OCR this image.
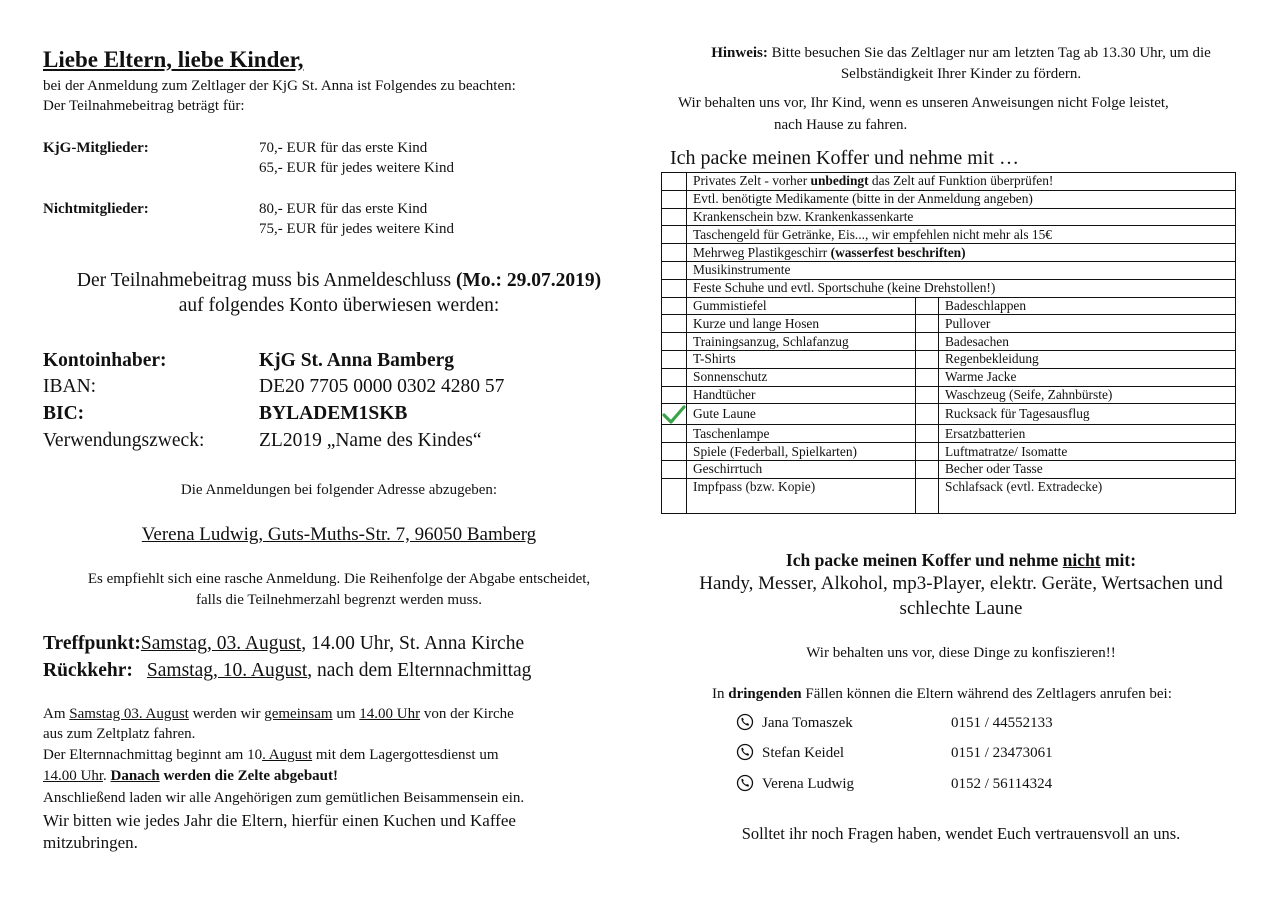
Liebe Eltern, liebe Kinder,
bei der Anmeldung zum Zeltlager der KjG St. Anna ist Folgendes zu beachten:
Der Teilnahmebeitrag beträgt für:
KjG-Mitglieder:	70,- EUR für das erste Kind
65,- EUR für jedes weitere Kind
Nichtmitglieder:	80,- EUR für das erste Kind
75,- EUR für jedes weitere Kind
Der Teilnahmebeitrag muss bis Anmeldeschluss (Mo.: 29.07.2019)
auf folgendes Konto überwiesen werden:
Kontoinhaber:	KjG St. Anna Bamberg
IBAN:	DE20 7705 0000 0302 4280 57
BIC:	BYLADEM1SKB
Verwendungszweck:	ZL2019 „Name des Kindes“
Die Anmeldungen bei folgender Adresse abzugeben:
Verena Ludwig, Guts-Muths-Str. 7, 96050 Bamberg
Es empfiehlt sich eine rasche Anmeldung. Die Reihenfolge der Abgabe entscheidet,
falls die Teilnehmerzahl begrenzt werden muss.
Treffpunkt:Samstag, 03. August, 14.00 Uhr, St. Anna Kirche
Rückkehr: Samstag, 10. August, nach dem Elternnachmittag
Am Samstag 03. August werden wir gemeinsam um 14.00 Uhr von der Kirche
aus zum Zeltplatz fahren.
Der Elternnachmittag beginnt am 10. August mit dem Lagergottesdienst um
14.00 Uhr. Danach werden die Zelte abgebaut!
Anschließend laden wir alle Angehörigen zum gemütlichen Beisammensein ein.
Wir bitten wie jedes Jahr die Eltern, hierfür einen Kuchen und Kaffee
mitzubringen.
Hinweis: Bitte besuchen Sie das Zeltlager nur am letzten Tag ab 13.30 Uhr, um die
Selbständigkeit Ihrer Kinder zu fördern.
Wir behalten uns vor, Ihr Kind, wenn es unseren Anweisungen nicht Folge leistet,
nach Hause zu fahren.
Ich packe meinen Koffer und nehme mit …
	Privates Zelt - vorher unbedingt das Zelt auf Funktion überprüfen!		
	Evtl. benötigte Medikamente (bitte in der Anmeldung angeben)		
	Krankenschein bzw. Krankenkassenkarte		
	Taschengeld für Getränke, Eis..., wir empfehlen nicht mehr als 15€		
	Mehrweg Plastikgeschirr (wasserfest beschriften)		
	Musikinstrumente		
	Feste Schuhe und evtl. Sportschuhe (keine Drehstollen!)		
	Gummistiefel		Badeschlappen
	Kurze und lange Hosen		Pullover
	Trainingsanzug, Schlafanzug		Badesachen
	T-Shirts		Regenbekleidung
	Sonnenschutz		Warme Jacke
	Handtücher		Waschzeug (Seife, Zahnbürste)

	Gute Laune		Rucksack für Tagesausflug
	Taschenlampe		Ersatzbatterien
	Spiele (Federball, Spielkarten)		Luftmatratze/ Isomatte
	Geschirrtuch		Becher oder Tasse
	Impfpass (bzw. Kopie)		Schlafsack (evtl. Extradecke)
Ich packe meinen Koffer und nehme nicht mit:
Handy, Messer, Alkohol, mp3-Player, elektr. Geräte, Wertsachen und
schlechte Laune
Wir behalten uns vor, diese Dinge zu konfiszieren!!
In dringenden Fällen können die Eltern während des Zeltlagers anrufen bei:
Jana Tomaszek	0151 / 44552133
Stefan Keidel	0151 / 23473061
Verena Ludwig	0152 / 56114324
Solltet ihr noch Fragen haben, wendet Euch vertrauensvoll an uns.
